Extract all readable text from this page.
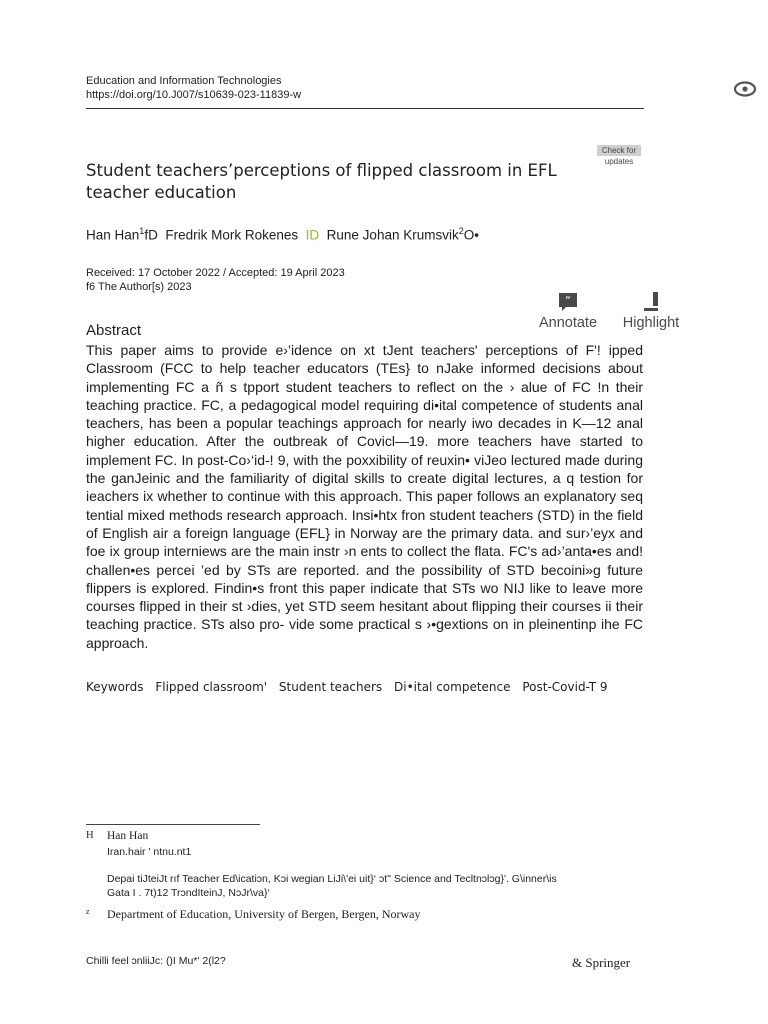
Education and Information Technologies
https://doi.org/10.J007/s10639-023-11839-w
Check for updates
Student teachers’perceptions of flipped classroom in EFL teacher education
Han Han$^1$fD Fredrik Mork Rokenes ID Rune Johan Krumsvik$^2$O•
Received: 17 October 2022 / Accepted: 19 April 2023
f6 The Author[s) 2023
“
Annotate	Highlight
Abstract
This paper aims to provide e›’idence on xt tJent teachers' perceptions of F'! ipped Classroom (FCC to help teacher educators (TEs} to nJake informed decisions about implementing FC a ñ s tpport student teachers to reflect on the › alue of FC !n their teaching practice. FC, a pedagogical model requiring di•ital competence of students anal teachers, has been a popular teachings approach for nearly iwo decades in K—12 anal higher education. After the outbreak of Covicl—19. more teachers have started to implement FC. In post-Co›‘id-! 9, with the poxxibility of reuxin• viJeo lectured made during the ganJeinic and the familiarity of digital skills to create digital lectures, a q testion for ieachers ix whether to continue with this approach. This paper follows an explanatory seq tential mixed methods research approach. Insi•htx fron student teachers (STD) in the field of English air a foreign language (EFL} in Norway are the primary data. and sur›’eyx and foe ix group interniews are the main instr ›n ents to collect the flata. FC's ad›’anta•es and! challen•es percei ’ed by STs are reported. and the possibility of STD becoini»g future flippers is explored. Findin•s front this paper indicate that STs wo NIJ like to leave more courses flipped in their st ›dies, yet STD seem hesitant about flipping their courses ii their teaching practice. STs also pro- vide some practical s ›•gextions on in pleinentinp ihe FC approach.
Keywords Flipped classroom' Student teachers Di•ital competence Post-Covid-T 9
H Han Han
Iran.hair ' ntnu.nt1
Depai tiJteiJt rıf Teacher Ed\icatiɔn, Kɔi wegian LiJi\'ei uit}‘ ɔt" Science and Tecltnɔlɔg}'. G\inner\is
Gata I . 7t)12 TrɔndIteinJ, NɔJr\va}‘
z Department of Education, University of Bergen, Bergen, Norway
Chilli feel ɔnliiJc: ()I Mu*' 2(l2?	& Springer
